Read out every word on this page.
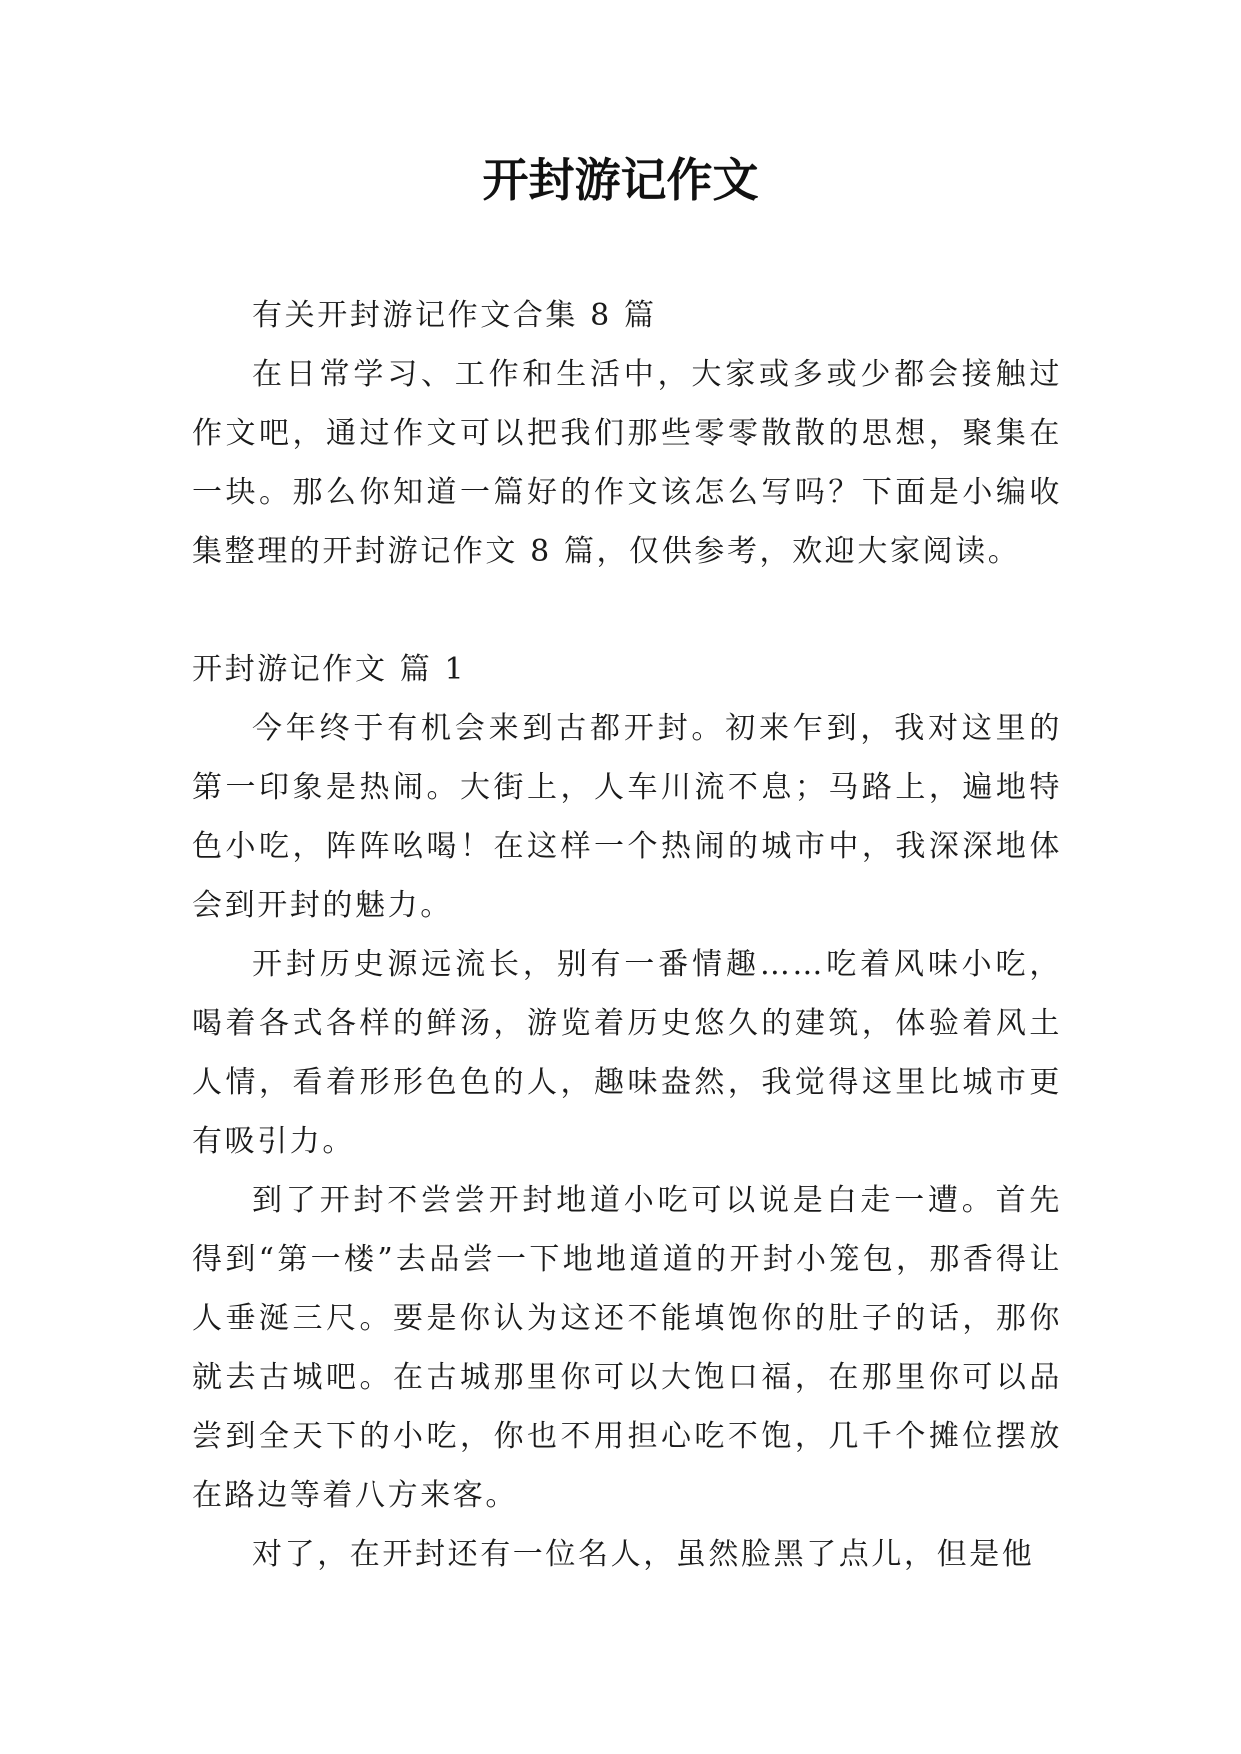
开封游记作文

有关开封游记作文合集 8 篇

在日常学习、工作和生活中，大家或多或少都会接触过作文吧，通过作文可以把我们那些零零散散的思想，聚集在一块。那么你知道一篇好的作文该怎么写吗？下面是小编收集整理的开封游记作文 8 篇，仅供参考，欢迎大家阅读。

开封游记作文 篇 1

今年终于有机会来到古都开封。初来乍到，我对这里的第一印象是热闹。大街上，人车川流不息；马路上，遍地特色小吃，阵阵吆喝！在这样一个热闹的城市中，我深深地体会到开封的魅力。

开封历史源远流长，别有一番情趣……吃着风味小吃，喝着各式各样的鲜汤，游览着历史悠久的建筑，体验着风土人情，看着形形色色的人，趣味盎然，我觉得这里比城市更有吸引力。

到了开封不尝尝开封地道小吃可以说是白走一遭。首先得到“第一楼”去品尝一下地地道道的开封小笼包，那香得让人垂涎三尺。要是你认为这还不能填饱你的肚子的话，那你就去古城吧。在古城那里你可以大饱口福，在那里你可以品尝到全天下的小吃，你也不用担心吃不饱，几千个摊位摆放在路边等着八方来客。

对了，在开封还有一位名人，虽然脸黑了点儿，但是他
